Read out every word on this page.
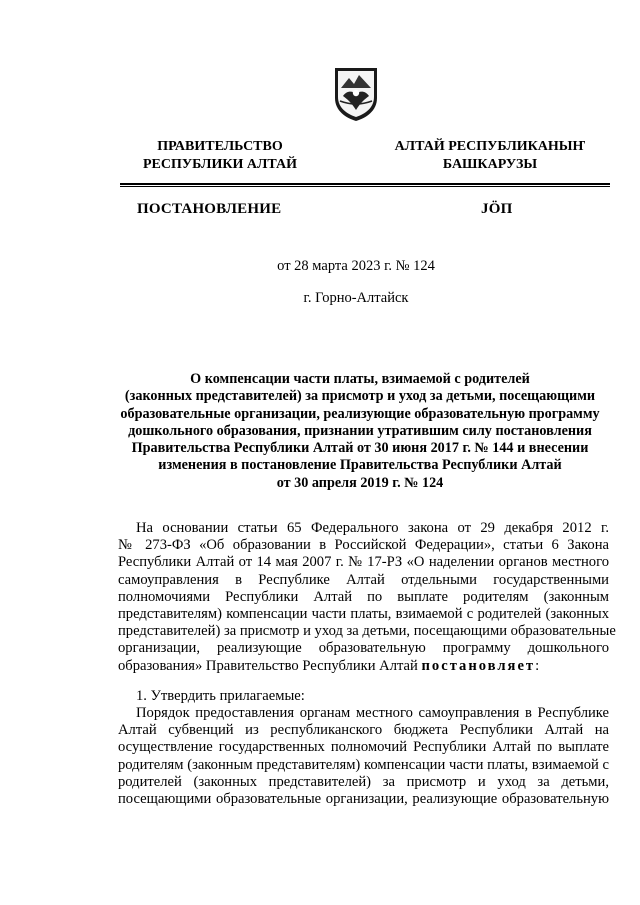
ПРАВИТЕЛЬСТВО
РЕСПУБЛИКИ АЛТАЙ
АЛТАЙ РЕСПУБЛИКАНЫҤ
БАШКАРУЗЫ
ПОСТАНОВЛЕНИЕ	JӦП
от 28 марта 2023 г. № 124
г. Горно-Алтайск
О компенсации части платы, взимаемой с родителей
(законных представителей) за присмотр и уход за детьми, посещающими
образовательные организации, реализующие образовательную программу
дошкольного образования, признании утратившим силу постановления
Правительства Республики Алтай от 30 июня 2017 г. № 144 и внесении
изменения в постановление Правительства Республики Алтай
от 30 апреля 2019 г. № 124
На основании статьи 65 Федерального закона от 29 декабря 2012 г.
№ 273-ФЗ «Об образовании в Российской Федерации», статьи 6 Закона
Республики Алтай от 14 мая 2007 г. № 17-РЗ «О наделении органов местного
самоуправления в Республике Алтай отдельными государственными
полномочиями Республики Алтай по выплате родителям (законным
представителям) компенсации части платы, взимаемой с родителей (законных
представителей) за присмотр и уход за детьми, посещающими образовательные
организации, реализующие образовательную программу дошкольного
образования» Правительство Республики Алтай постановляет:
1. Утвердить прилагаемые:
Порядок предоставления органам местного самоуправления в Республике
Алтай субвенций из республиканского бюджета Республики Алтай на
осуществление государственных полномочий Республики Алтай по выплате
родителям (законным представителям) компенсации части платы, взимаемой с
родителей (законных представителей) за присмотр и уход за детьми,
посещающими образовательные организации, реализующие образовательную
